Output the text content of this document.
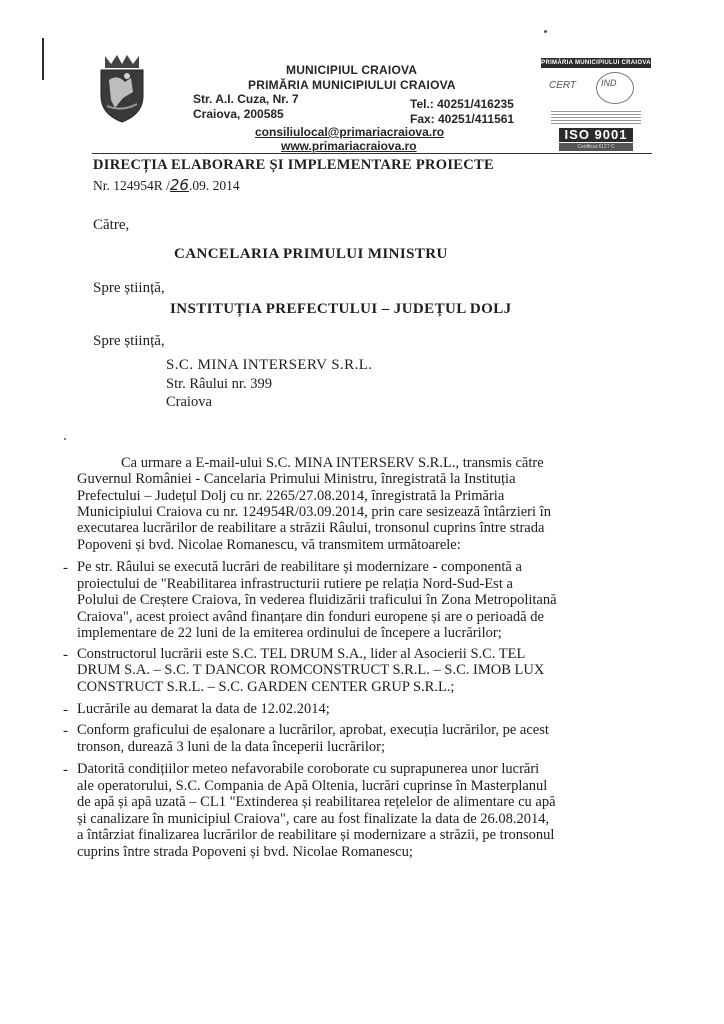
MUNICIPIUL CRAIOVA
PRIMĂRIA MUNICIPIULUI CRAIOVA
Str. A.I. Cuza, Nr. 7
Craiova, 200585
Tel.: 40251/416235
Fax: 40251/411561
consiliulocal@primariacraiova.ro
www.primariacraiova.ro
PRIMĂRIA MUNICIPIULUI CRAIOVA
CERT	IND
ISO 9001
Certificat 6127 C
DIRECȚIA ELABORARE ȘI IMPLEMENTARE PROIECTE
Nr. 124954R /26.09. 2014
Către,
CANCELARIA PRIMULUI MINISTRU
Spre știință,
INSTITUȚIA PREFECTULUI – JUDEȚUL DOLJ
Spre știință,
S.C. MINA INTERSERV S.R.L.
Str. Râului nr. 399
Craiova
Ca urmare a E-mail-ului S.C. MINA INTERSERV S.R.L., transmis către
Guvernul României - Cancelaria Primului Ministru, înregistrată la Instituția
Prefectului – Județul Dolj cu nr. 2265/27.08.2014, înregistrată la Primăria
Municipiului Craiova cu nr. 124954R/03.09.2014, prin care sesizează întârzieri în
executarea lucrărilor de reabilitare a străzii Râului, tronsonul cuprins între strada
Popoveni și bvd. Nicolae Romanescu, vă transmitem următoarele:
- Pe str. Râului se execută lucrări de reabilitare și modernizare - componentă a
proiectului de "Reabilitarea infrastructurii rutiere pe relația Nord-Sud-Est a
Polului de Creștere Craiova, în vederea fluidizării traficului în Zona Metropolitană
Craiova", acest proiect având finanțare din fonduri europene și are o perioadă de
implementare de 22 luni de la emiterea ordinului de începere a lucrărilor;
- Constructorul lucrării este S.C. TEL DRUM S.A., lider al Asocierii S.C. TEL
DRUM S.A. – S.C. T DANCOR ROMCONSTRUCT S.R.L. – S.C. IMOB LUX
CONSTRUCT S.R.L. – S.C. GARDEN CENTER GRUP S.R.L.;
- Lucrările au demarat la data de 12.02.2014;
- Conform graficului de eșalonare a lucrărilor, aprobat, execuția lucrărilor, pe acest
tronson, durează 3 luni de la data începerii lucrărilor;
- Datorită condițiilor meteo nefavorabile coroborate cu suprapunerea unor lucrări
ale operatorului, S.C. Compania de Apă Oltenia, lucrări cuprinse în Masterplanul
de apă și apă uzată – CL1 "Extinderea și reabilitarea rețelelor de alimentare cu apă
și canalizare în municipiul Craiova", care au fost finalizate la data de 26.08.2014,
a întârziat finalizarea lucrărilor de reabilitare și modernizare a străzii, pe tronsonul
cuprins între strada Popoveni și bvd. Nicolae Romanescu;
